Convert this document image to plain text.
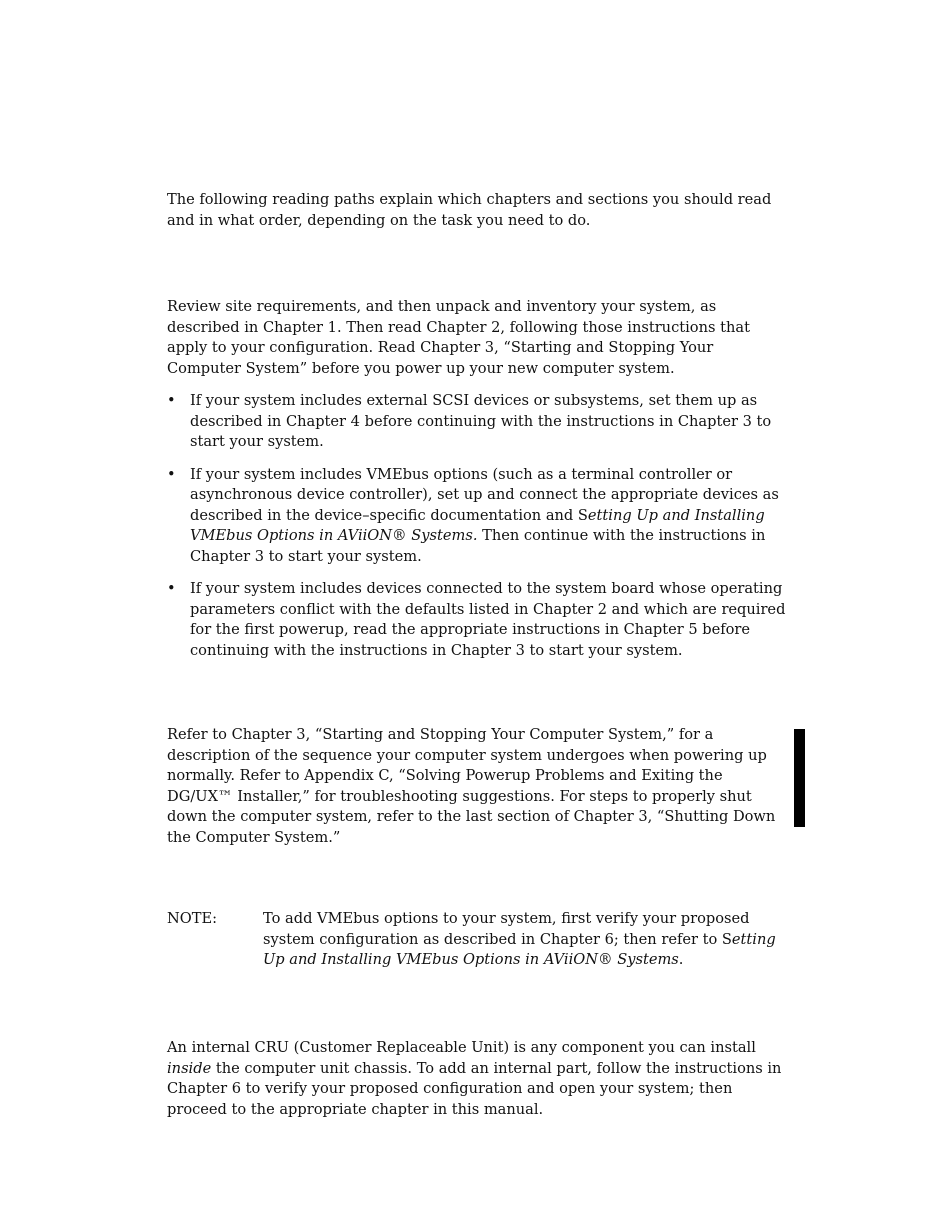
The following reading paths explain which chapters and sections you should read and in what order, depending on the task you need to do.

Review site requirements, and then unpack and inventory your system, as described in Chapter 1. Then read Chapter 2, following those instructions that apply to your configuration. Read Chapter 3, “Starting and Stopping Your Computer System” before you power up your new computer system.

• If your system includes external SCSI devices or subsystems, set them up as described in Chapter 4 before continuing with the instructions in Chapter 3 to start your system.
• If your system includes VMEbus options (such as a terminal controller or asynchronous device controller), set up and connect the appropriate devices as described in the device–specific documentation and Setting Up and Installing VMEbus Options in AViiON® Systems. Then continue with the instructions in Chapter 3 to start your system.
• If your system includes devices connected to the system board whose operating parameters conflict with the defaults listed in Chapter 2 and which are required for the first powerup, read the appropriate instructions in Chapter 5 before continuing with the instructions in Chapter 3 to start your system.

Refer to Chapter 3, “Starting and Stopping Your Computer System,” for a description of the sequence your computer system undergoes when powering up normally. Refer to Appendix C, “Solving Powerup Problems and Exiting the DG/UX™ Installer,” for troubleshooting suggestions. For steps to properly shut down the computer system, refer to the last section of Chapter 3, “Shutting Down the Computer System.”

NOTE:	To add VMEbus options to your system, first verify your proposed system configuration as described in Chapter 6; then refer to Setting Up and Installing VMEbus Options in AViiON® Systems.

An internal CRU (Customer Replaceable Unit) is any component you can install inside the computer unit chassis. To add an internal part, follow the instructions in Chapter 6 to verify your proposed configuration and open your system; then proceed to the appropriate chapter in this manual.
